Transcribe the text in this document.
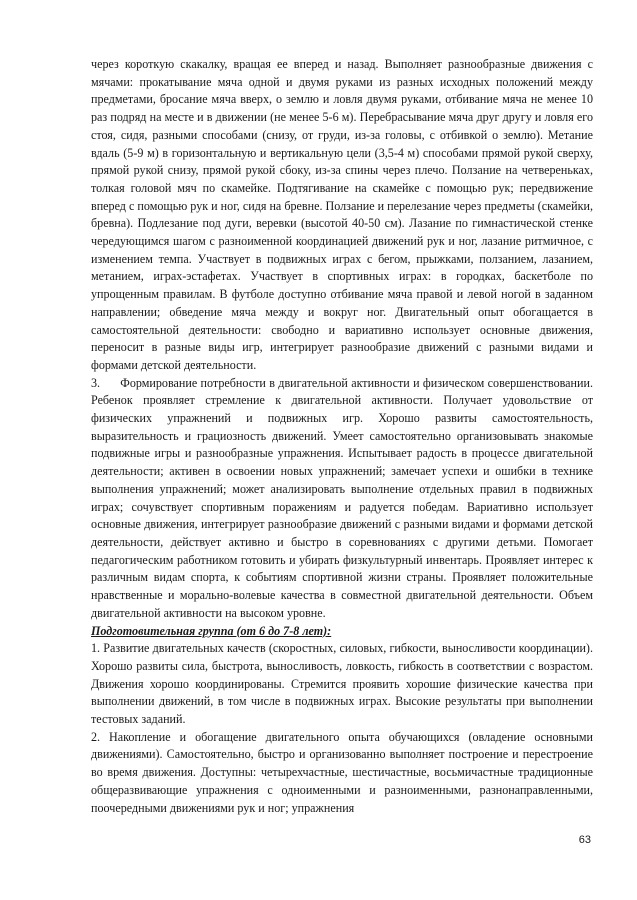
через короткую скакалку, вращая ее вперед и назад. Выполняет разнообразные движения с мячами: прокатывание мяча одной и двумя руками из разных исходных положений между предметами, бросание мяча вверх, о землю и ловля двумя руками, отбивание мяча не менее 10 раз подряд на месте и в движении (не менее 5-6 м). Перебрасывание мяча друг другу и ловля его стоя, сидя, разными способами (снизу, от груди, из-за головы, с отбивкой о землю). Метание вдаль (5-9 м) в горизонтальную и вертикальную цели (3,5-4 м) способами прямой рукой сверху, прямой рукой снизу, прямой рукой сбоку, из-за спины через плечо. Ползание на четвереньках, толкая головой мяч по скамейке. Подтягивание на скамейке с помощью рук; передвижение вперед с помощью рук и ног, сидя на бревне. Ползание и перелезание через предметы (скамейки, бревна). Подлезание под дуги, веревки (высотой 40-50 см). Лазание по гимнастической стенке чередующимся шагом с разноименной координацией движений рук и ног, лазание ритмичное, с изменением темпа. Участвует в подвижных играх с бегом, прыжками, ползанием, лазанием, метанием, играх-эстафетах. Участвует в спортивных играх: в городках, баскетболе по упрощенным правилам. В футболе доступно отбивание мяча правой и левой ногой в заданном направлении; обведение мяча между и вокруг ног. Двигательный опыт обогащается в самостоятельной деятельности: свободно и вариативно использует основные движения, переносит в разные виды игр, интегрирует разнообразие движений с разными видами и формами детской деятельности.

3.      Формирование потребности в двигательной активности и физическом совершенствовании. Ребенок проявляет стремление к двигательной активности. Получает удовольствие от физических упражнений и подвижных игр. Хорошо развиты самостоятельность, выразительность и грациозность движений. Умеет самостоятельно организовывать знакомые подвижные игры и разнообразные упражнения. Испытывает радость в процессе двигательной деятельности; активен в освоении новых упражнений; замечает успехи и ошибки в технике выполнения упражнений; может анализировать выполнение отдельных правил в подвижных играх; сочувствует спортивным поражениям и радуется победам. Вариативно использует основные движения, интегрирует разнообразие движений с разными видами и формами детской деятельности, действует активно и быстро в соревнованиях с другими детьми. Помогает педагогическим работником готовить и убирать физкультурный инвентарь. Проявляет интерес к различным видам спорта, к событиям спортивной жизни страны. Проявляет положительные нравственные и морально-волевые качества в совместной двигательной деятельности. Объем двигательной активности на высоком уровне.

Подготовительная группа (от 6 до 7-8 лет):

1. Развитие двигательных качеств (скоростных, силовых, гибкости, выносливости координации). Хорошо развиты сила, быстрота, выносливость, ловкость, гибкость в соответствии с возрастом. Движения хорошо координированы. Стремится проявить хорошие физические качества при выполнении движений, в том числе в подвижных играх. Высокие результаты при выполнении тестовых заданий.

2. Накопление и обогащение двигательного опыта обучающихся (овладение основными движениями). Самостоятельно, быстро и организованно выполняет построение и перестроение во время движения. Доступны: четырехчастные, шестичастные, восьмичастные традиционные общеразвивающие упражнения с одноименными и разноименными, разнонаправленными, поочередными движениями рук и ног; упражнения

63
